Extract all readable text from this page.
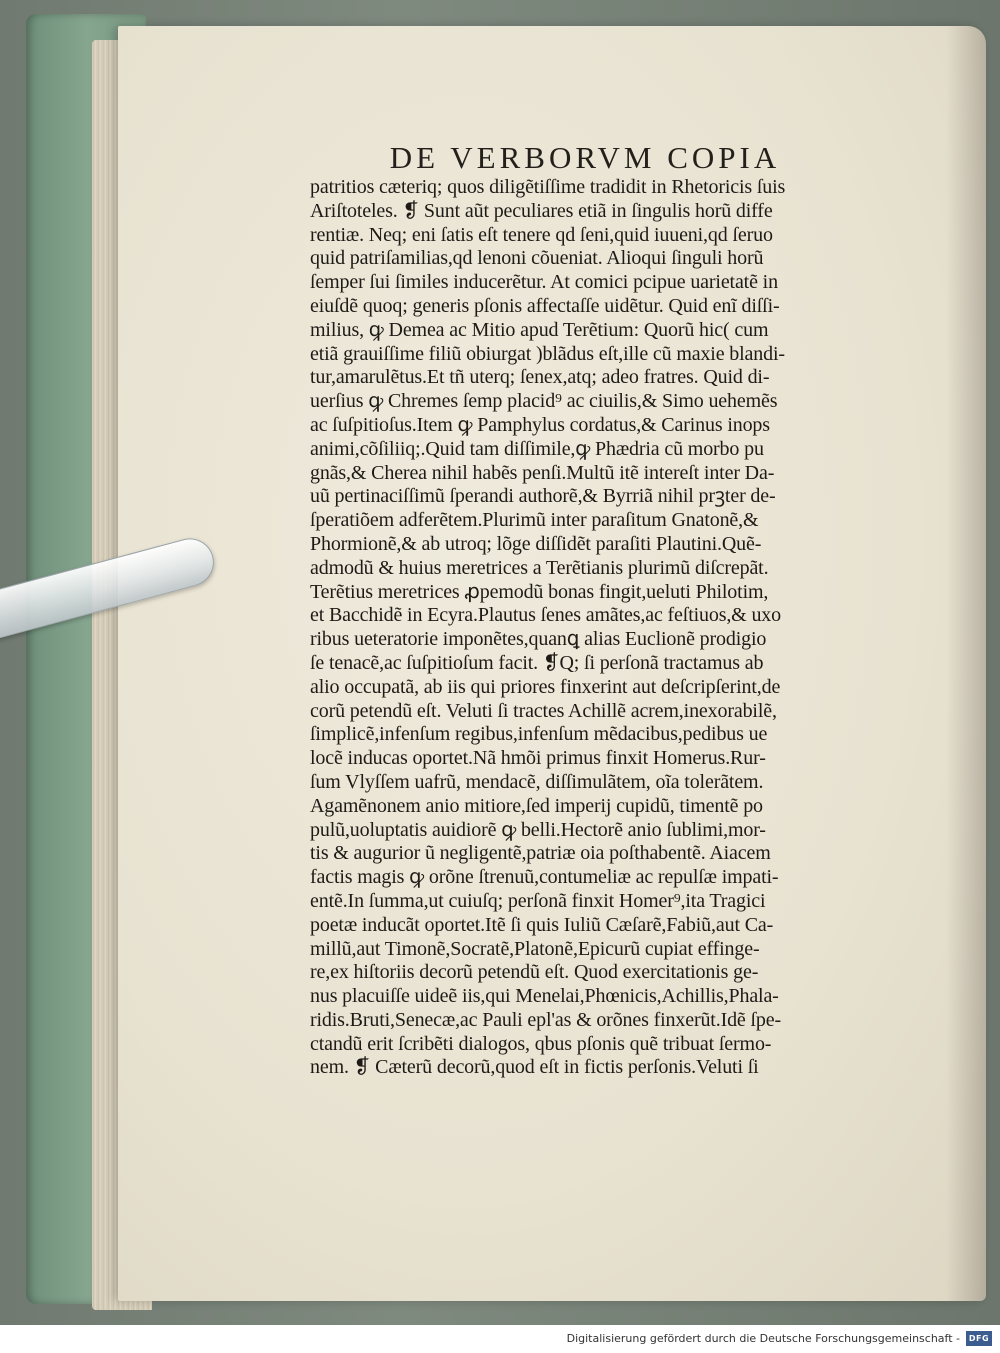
DE VERBORVM COPIA
patritios cæteriq; quos diligẽtiſſime tradidit in Rhetoricis ſuis
Ariſtoteles. ❡ Sunt aũt peculiares etiã in ſingulis horũ diffe
rentiæ. Neq; eni ſatis eſt tenere qd ſeni,quid iuueni,qd ſeruo
quid patriſamilias,qd lenoni cõueniat. Alioqui ſinguli horũ
ſemper ſui ſimiles inducerẽtur. At comici pcipue uarietatẽ in
eiuſdẽ quoq; generis pſonis affectaſſe uidẽtur. Quid enĩ diſſi-
milius, ꝙ Demea ac Mitio apud Terẽtium: Quorũ hic( cum
etiã grauiſſime filiũ obiurgat )blãdus eſt,ille cũ maxie blandi-
tur,amarulẽtus.Et tñ uterq; ſenex,atq; adeo fratres. Quid di-
uerſius ꝙ Chremes ſemp placid⁹ ac ciuilis,& Simo uehemẽs
ac ſuſpitioſus.Item ꝙ Pamphylus cordatus,& Carinus inops
animi,cõſiliiq;.Quid tam diſſimile,ꝙ Phædria cũ morbo pu
gnãs,& Cherea nihil habẽs penſi.Multũ itẽ intereſt inter Da-
uũ pertinaciſſimũ ſperandi authorẽ,& Byrriã nihil prꝫter de-
ſperatiõem adferẽtem.Plurimũ inter paraſitum Gnatonẽ,&
Phormionẽ,& ab utroq; lõge diſſidẽt paraſiti Plautini.Quẽ-
admodũ & huius meretrices a Terẽtianis plurimũ diſcrepãt.
Terẽtius meretrices ꝓpemodũ bonas fingit,ueluti Philotim,
et Bacchidẽ in Ecyra.Plautus ſenes amãtes,ac feſtiuos,& uxo
ribus ueteratorie imponẽtes,quanꝗ alias Euclionẽ prodigio
ſe tenacẽ,ac ſuſpitioſum facit. ❡Q; ſi perſonã tractamus ab
alio occupatã, ab iis qui priores finxerint aut deſcripſerint,de
corũ petendũ eſt. Veluti ſi tractes Achillẽ acrem,inexorabilẽ,
ſimplicẽ,infenſum regibus,infenſum mẽdacibus,pedibus ue
locẽ inducas oportet.Nã hmõi primus finxit Homerus.Rur-
ſum Vlyſſem uafrũ, mendacẽ, diſſimulãtem, oĩa tolerãtem.
Agamẽnonem anio mitiore,ſed imperij cupidũ, timentẽ po
pulũ,uoluptatis auidiorẽ ꝙ belli.Hectorẽ anio ſublimi,mor-
tis & augurior ũ negligentẽ,patriæ oia poſthabentẽ. Aiacem
factis magis ꝙ orõne ſtrenuũ,contumeliæ ac repulſæ impati-
entẽ.In ſumma,ut cuiuſq; perſonã finxit Homer⁹,ita Tragici
poetæ inducãt oportet.Itẽ ſi quis Iuliũ Cæſarẽ,Fabiũ,aut Ca-
millũ,aut Timonẽ,Socratẽ,Platonẽ,Epicurũ cupiat effinge-
re,ex hiſtoriis decorũ petendũ eſt. Quod exercitationis ge-
nus placuiſſe uideẽ iis,qui Menelai,Phœnicis,Achillis,Phala-
ridis.Bruti,Senecæ,ac Pauli epl'as & orõnes finxerũt.Idẽ ſpe-
ctandũ erit ſcribẽti dialogos, qbus pſonis quẽ tribuat ſermo-
nem. ❡ Cæterũ decorũ,quod eſt in fictis perſonis.Veluti ſi
Digitalisierung gefördert durch die Deutsche Forschungsgemeinschaft -	DFG
